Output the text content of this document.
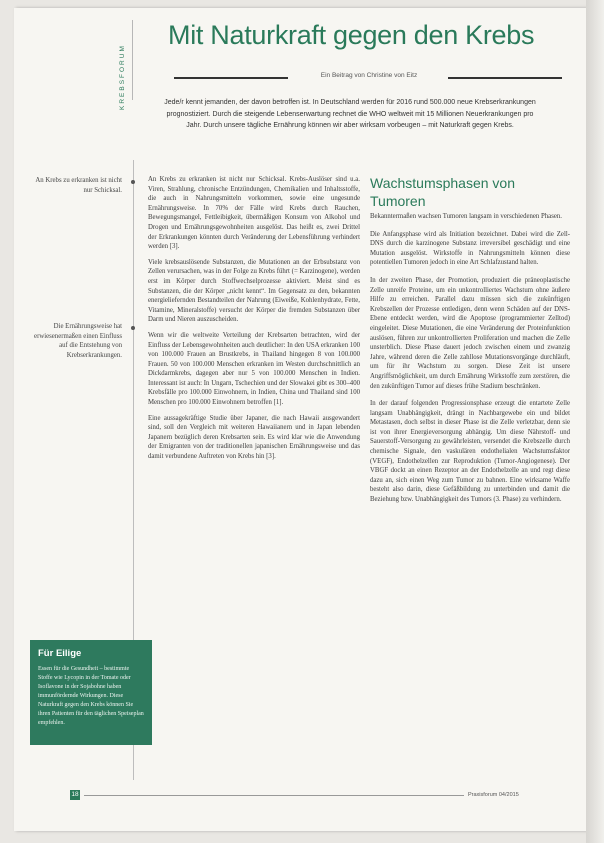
KREBSFORUM
Mit Naturkraft gegen den Krebs
Ein Beitrag von Christine von Eitz
Jede/r kennt jemanden, der davon betroffen ist. In Deutschland werden für 2016 rund 500.000 neue Krebserkrankungen prognostiziert. Durch die steigende Lebenserwartung rechnet die WHO weltweit mit 15 Millionen Neuerkrankungen pro Jahr. Durch unsere tägliche Ernährung können wir aber wirksam vorbeugen – mit Naturkraft gegen Krebs.
An Krebs zu erkranken ist nicht nur Schicksal.
Die Ernährungsweise hat erwiesenermaßen einen Einfluss auf die Entstehung von Krebserkrankungen.

An Krebs zu erkranken ist nicht nur Schicksal. Krebs-Auslöser sind u.a. Viren, Strahlung, chronische Entzündungen, Chemikalien und Inhaltsstoffe, die auch in Nahrungsmitteln vorkommen, sowie eine ungesunde Ernährungsweise. In 70% der Fälle wird Krebs durch Rauchen, Bewegungsmangel, Fettleibigkeit, übermäßigen Konsum von Alkohol und Drogen und Ernährungsgewohnheiten ausgelöst. Das heißt es, zwei Drittel der Erkrankungen könnten durch Veränderung der Lebensführung verhindert werden [3].

Viele krebsauslösende Substanzen, die Mutationen an der Erbsubstanz von Zellen verursachen, was in der Folge zu Krebs führt (= Karzinogene), werden erst im Körper durch Stoffwechselprozesse aktiviert. Meist sind es Substanzen, die der Körper „nicht kennt“. Im Gegensatz zu den, bekannten energieliefernden Bestandteilen der Nahrung (Eiweiße, Kohlenhydrate, Fette, Vitamine, Mineralstoffe) versucht der Körper die fremden Substanzen über Darm und Nieren auszuscheiden.

Wenn wir die weltweite Verteilung der Krebsarten betrachten, wird der Einfluss der Lebensgewohnheiten auch deutlicher: In den USA erkranken 100 von 100.000 Frauen an Brustkrebs, in Thailand hingegen 8 von 100.000 Frauen. 50 von 100.000 Menschen erkranken im Westen durchschnittlich an Dickdarmkrebs, dagegen aber nur 5 von 100.000 Menschen in Indien. Interessant ist auch: In Ungarn, Tschechien und der Slowakei gibt es 300–400 Krebsfälle pro 100.000 Einwohnern, in Indien, China und Thailand sind 100 Menschen pro 100.000 Einwohnern betroffen [1].

Eine aussagekräftige Studie über Japaner, die nach Hawaii ausgewandert sind, soll den Vergleich mit weiteren Hawaiianern und in Japan lebenden Japanern bezüglich deren Krebsarten sein. Es wird klar wie die Anwendung der Emigranten von der traditionellen japanischen Ernährungsweise und das damit verbundene Auftreten von Krebs hin [3].

Wachstumsphasen von Tumoren

Bekanntermaßen wachsen Tumoren langsam in verschiedenen Phasen.

Die Anfangsphase wird als Initiation bezeichnet. Dabei wird die Zell-DNS durch die karzinogene Substanz irreversibel geschädigt und eine Mutation ausgelöst. Wirkstoffe in Nahrungsmitteln können diese potentiellen Tumoren jedoch in eine Art Schlafzustand halten.

In der zweiten Phase, der Promotion, produziert die präneoplastische Zelle unreife Proteine, um ein unkontrolliertes Wachstum ohne äußere Hilfe zu erreichen. Parallel dazu müssen sich die zukünftigen Krebszellen der Prozesse entledigen, denn wenn Schäden auf der DNS-Ebene entdeckt werden, wird die Apoptose (programmierter Zelltod) eingeleitet. Diese Mutationen, die eine Veränderung der Proteinfunktion auslösen, führen zur unkontrollierten Proliferation und machen die Zelle unsterblich. Diese Phase dauert jedoch zwischen einem und zwanzig Jahre, während deren die Zelle zahllose Mutationsvorgänge durchläuft, um für ihr Wachstum zu sorgen. Diese Zeit ist unsere Angriffsmöglichkeit, um durch Ernährung Wirkstoffe zum zerstören, die den zukünftigen Tumor auf dieses frühe Stadium beschränken.

In der darauf folgenden Progressionsphase erzeugt die entartete Zelle langsam Unabhängigkeit, drängt in Nachbargewebe ein und bildet Metastasen, doch selbst in dieser Phase ist die Zelle verletzbar, denn sie ist von ihrer Energieversorgung abhängig. Um diese Nährstoff- und Sauerstoff-Versorgung zu gewährleisten, versendet die Krebszelle durch chemische Signale, den vaskulären endothelialen Wachstumsfaktor (VEGF), Endothelzellen zur Reproduktion (Tumor-Angiogenese). Der VBGF dockt an einen Rezeptor an der Endothelzelle an und regt diese dazu an, sich einen Weg zum Tumor zu bahnen. Eine wirksame Waffe besteht also darin, diese Gefäßbildung zu unterbinden und damit die Beziehung bzw. Unabhängigkeit des Tumors (3. Phase) zu verhindern.

Für Eilige
Essen für die Gesundheit – bestimmte Stoffe wie Lycopin in der Tomate oder Isoflavone in der Sojabohne haben immunfördernde Wirkungen. Diese Naturkraft gegen den Krebs können Sie ihren Patienten für den täglichen Speiseplan empfehlen.
18	Praxisforum 04/2015
